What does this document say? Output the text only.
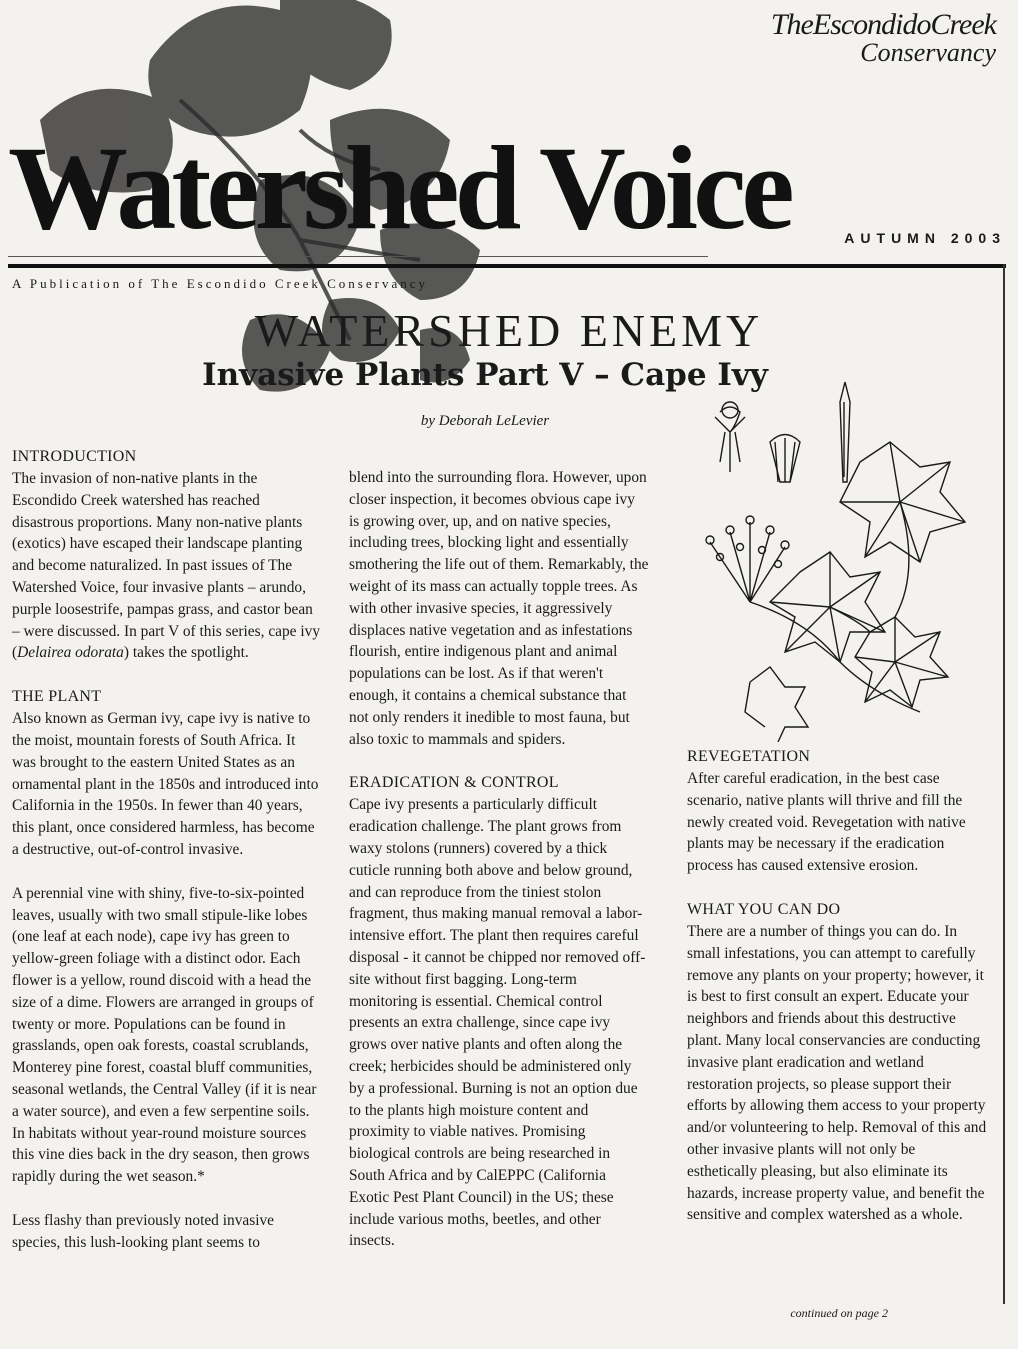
TheEscondidoCreek
Conservancy
Watershed Voice	AUTUMN 2003
A Publication of The Escondido Creek Conservancy
WATERSHED ENEMY
Invasive Plants Part V – Cape Ivy
by Deborah LeLevier
INTRODUCTION

The invasion of non-native plants in the Escondido Creek watershed has reached disastrous proportions. Many non-native plants (exotics) have escaped their landscape planting and become naturalized. In past issues of The Watershed Voice, four invasive plants – arundo, purple loosestrife, pampas grass, and castor bean – were discussed. In part V of this series, cape ivy (Delairea odorata) takes the spotlight.

THE PLANT

Also known as German ivy, cape ivy is native to the moist, mountain forests of South Africa. It was brought to the eastern United States as an ornamental plant in the 1850s and introduced into California in the 1950s. In fewer than 40 years, this plant, once considered harmless, has become a destructive, out-of-control invasive.

A perennial vine with shiny, five-to-six-pointed leaves, usually with two small stipule-like lobes (one leaf at each node), cape ivy has green to yellow-green foliage with a distinct odor. Each flower is a yellow, round discoid with a head the size of a dime. Flowers are arranged in groups of twenty or more. Populations can be found in grasslands, open oak forests, coastal scrublands, Monterey pine forest, coastal bluff communities, seasonal wetlands, the Central Valley (if it is near a water source), and even a few serpentine soils. In habitats without year-round moisture sources this vine dies back in the dry season, then grows rapidly during the wet season.*

Less flashy than previously noted invasive species, this lush-looking plant seems to

blend into the surrounding flora. However, upon closer inspection, it becomes obvious cape ivy is growing over, up, and on native species, including trees, blocking light and essentially smothering the life out of them. Remarkably, the weight of its mass can actually topple trees. As with other invasive species, it aggressively displaces native vegetation and as infestations flourish, entire indigenous plant and animal populations can be lost. As if that weren't enough, it contains a chemical substance that not only renders it inedible to most fauna, but also toxic to mammals and spiders.

ERADICATION & CONTROL

Cape ivy presents a particularly difficult eradication challenge. The plant grows from waxy stolons (runners) covered by a thick cuticle running both above and below ground, and can reproduce from the tiniest stolon fragment, thus making manual removal a labor-intensive effort. The plant then requires careful disposal - it cannot be chipped nor removed off-site without first bagging. Long-term monitoring is essential. Chemical control presents an extra challenge, since cape ivy grows over native plants and often along the creek; herbicides should be administered only by a professional. Burning is not an option due to the plants high moisture content and proximity to viable natives. Promising biological controls are being researched in South Africa and by CalEPPC (California Exotic Pest Plant Council) in the US; these include various moths, beetles, and other insects.

REVEGETATION

After careful eradication, in the best case scenario, native plants will thrive and fill the newly created void. Revegetation with native plants may be necessary if the eradication process has caused extensive erosion.

WHAT YOU CAN DO

There are a number of things you can do. In small infestations, you can attempt to carefully remove any plants on your property; however, it is best to first consult an expert. Educate your neighbors and friends about this destructive plant. Many local conservancies are conducting invasive plant eradication and wetland restoration projects, so please support their efforts by allowing them access to your property and/or volunteering to help. Removal of this and other invasive plants will not only be esthetically pleasing, but also eliminate its hazards, increase property value, and benefit the sensitive and complex watershed as a whole.

continued on page 2
